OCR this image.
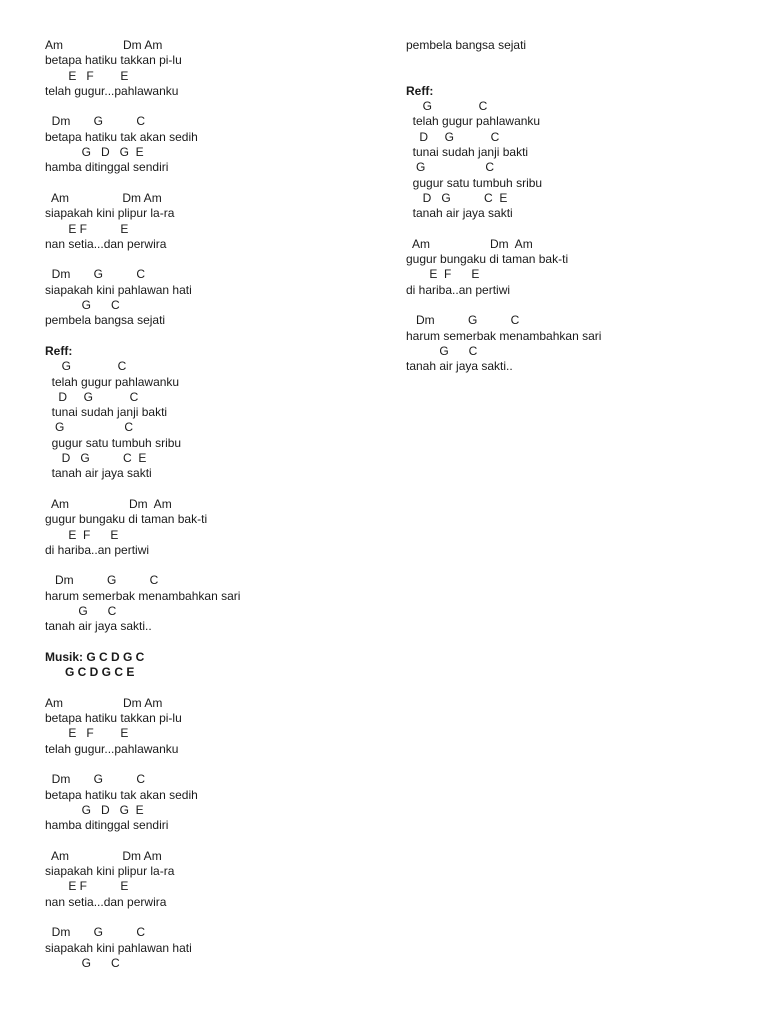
Am                  Dm Am
betapa hatiku takkan pi-lu
E   F        E
telah gugur...pahlawanku
Dm       G          C
betapa hatiku tak akan sedih
G   D   G  E
hamba ditinggal sendiri
Am                Dm Am
siapakah kini plipur la-ra
E F          E
nan setia...dan perwira
Dm       G          C
siapakah kini pahlawan hati
G      C
pembela bangsa sejati
Reff:
G              C
telah gugur pahlawanku
D     G           C
tunai sudah janji bakti
G                  C
gugur satu tumbuh sribu
D   G          C  E
tanah air jaya sakti
Am                  Dm  Am
gugur bungaku di taman bak-ti
E  F      E
di hariba..an pertiwi
Dm          G          C
harum semerbak menambahkan sari
G      C
tanah air jaya sakti..
Musik: G C D G C
G C D G C E
Am                  Dm Am
betapa hatiku takkan pi-lu
E   F        E
telah gugur...pahlawanku
Dm       G          C
betapa hatiku tak akan sedih
G   D   G  E
hamba ditinggal sendiri
Am                Dm Am
siapakah kini plipur la-ra
E F          E
nan setia...dan perwira
Dm       G          C
siapakah kini pahlawan hati
G      C
pembela bangsa sejati
Reff:
G              C
telah gugur pahlawanku
D     G           C
tunai sudah janji bakti
G                  C
gugur satu tumbuh sribu
D   G          C  E
tanah air jaya sakti
Am                  Dm  Am
gugur bungaku di taman bak-ti
E  F      E
di hariba..an pertiwi
Dm          G          C
harum semerbak menambahkan sari
G      C
tanah air jaya sakti..
